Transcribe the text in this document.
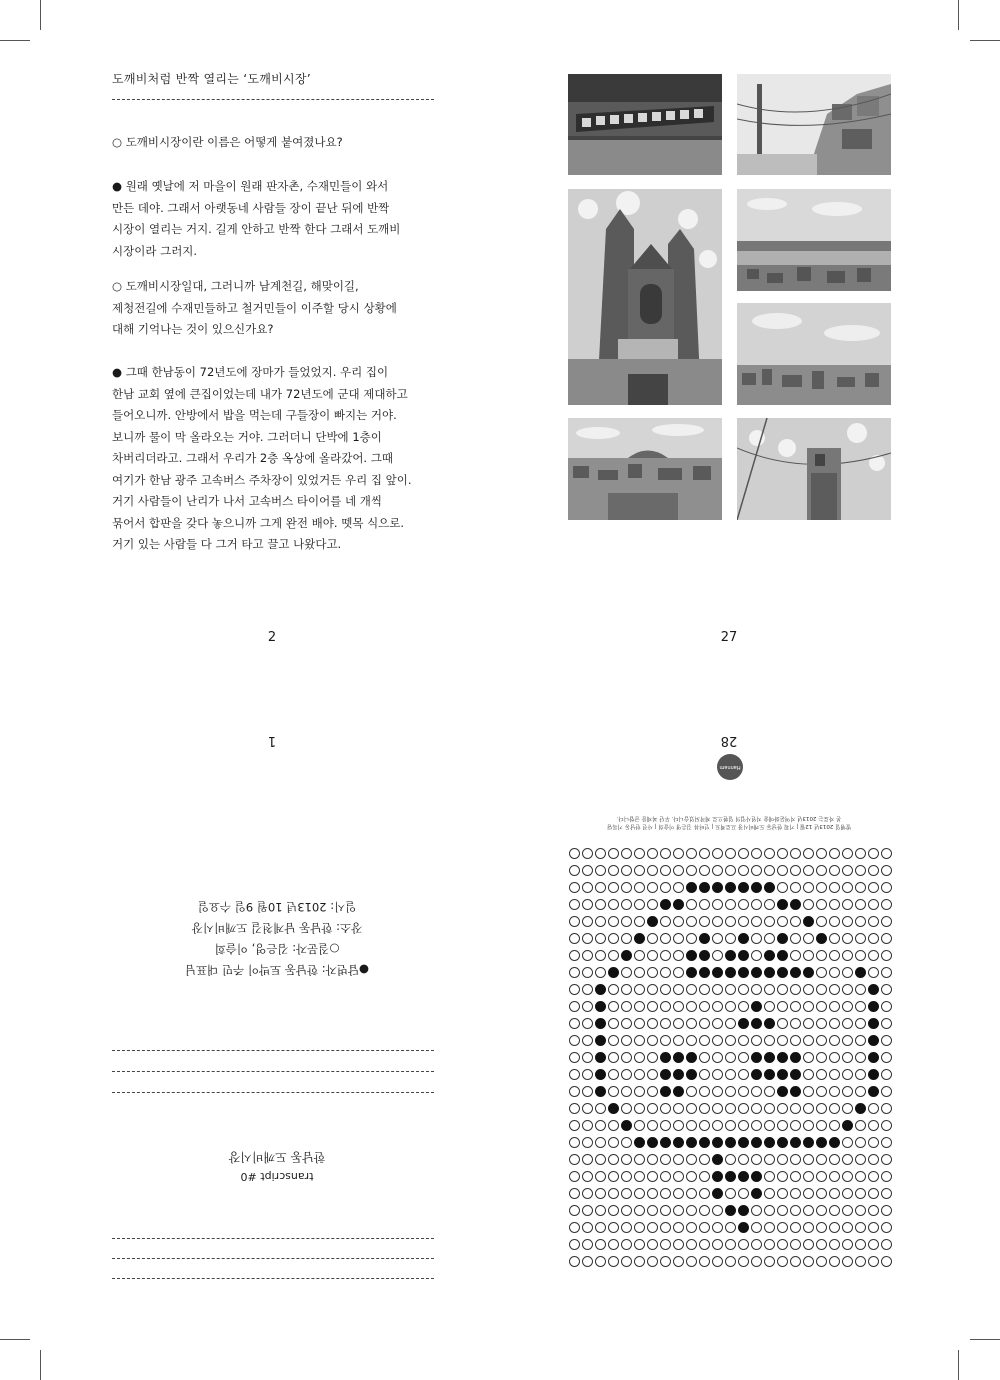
도깨비처럼 반짝 열리는 ‘도깨비시장’
○ 도깨비시장이란 이름은 어떻게 붙여졌나요?
● 원래 옛날에 저 마을이 원래 판자촌, 수재민들이 와서
만든 데야. 그래서 아랫동네 사람들 장이 끝난 뒤에 반짝
시장이 열리는 거지. 길게 안하고 반짝 한다 그래서 도깨비
시장이라 그러지.
○ 도깨비시장일대, 그러니까 남계천길, 해맞이길,
제청전길에 수재민들하고 철거민들이 이주할 당시 상황에
대해 기억나는 것이 있으신가요?
● 그때 한남동이 72년도에 장마가 들었었지. 우리 집이
한남 교회 옆에 큰집이었는데 내가 72년도에 군대 제대하고
들어오니까. 안방에서 밥을 먹는데 구들장이 빠지는 거야.
보니까 물이 막 올라오는 거야. 그러더니 단박에 1층이
차버리더라고. 그래서 우리가 2층 옥상에 올라갔어. 그때
여기가 한남 광주 고속버스 주차장이 있었거든 우리 집 앞이.
거기 사람들이 난리가 나서 고속버스 타이어를 네 개씩
묶어서 합판을 갖다 놓으니까 그게 완전 배야. 뗏목 식으로.
거기 있는 사람들 다 그거 타고 끌고 나왔다고.
2	27
1
●답변자: 한남동 토박이 주민 대표님
○질문자: 김은영, 이슬희
장소: 한남동 남계천길 도깨비시장
일시: 2013년 10월 9일 수요일
한남동 도깨비시장
transcript #0
28
Hannam
발행일 2013년 12월 | 기획 한남동 도깨비시장 프로젝트 | 인터뷰 김은영 이슬희 | 사진 한남동 기록팀
본 자료는 2013년 지역문화예술 지원사업의 일환으로 제작되었습니다. 무단 복제를 금합니다.
